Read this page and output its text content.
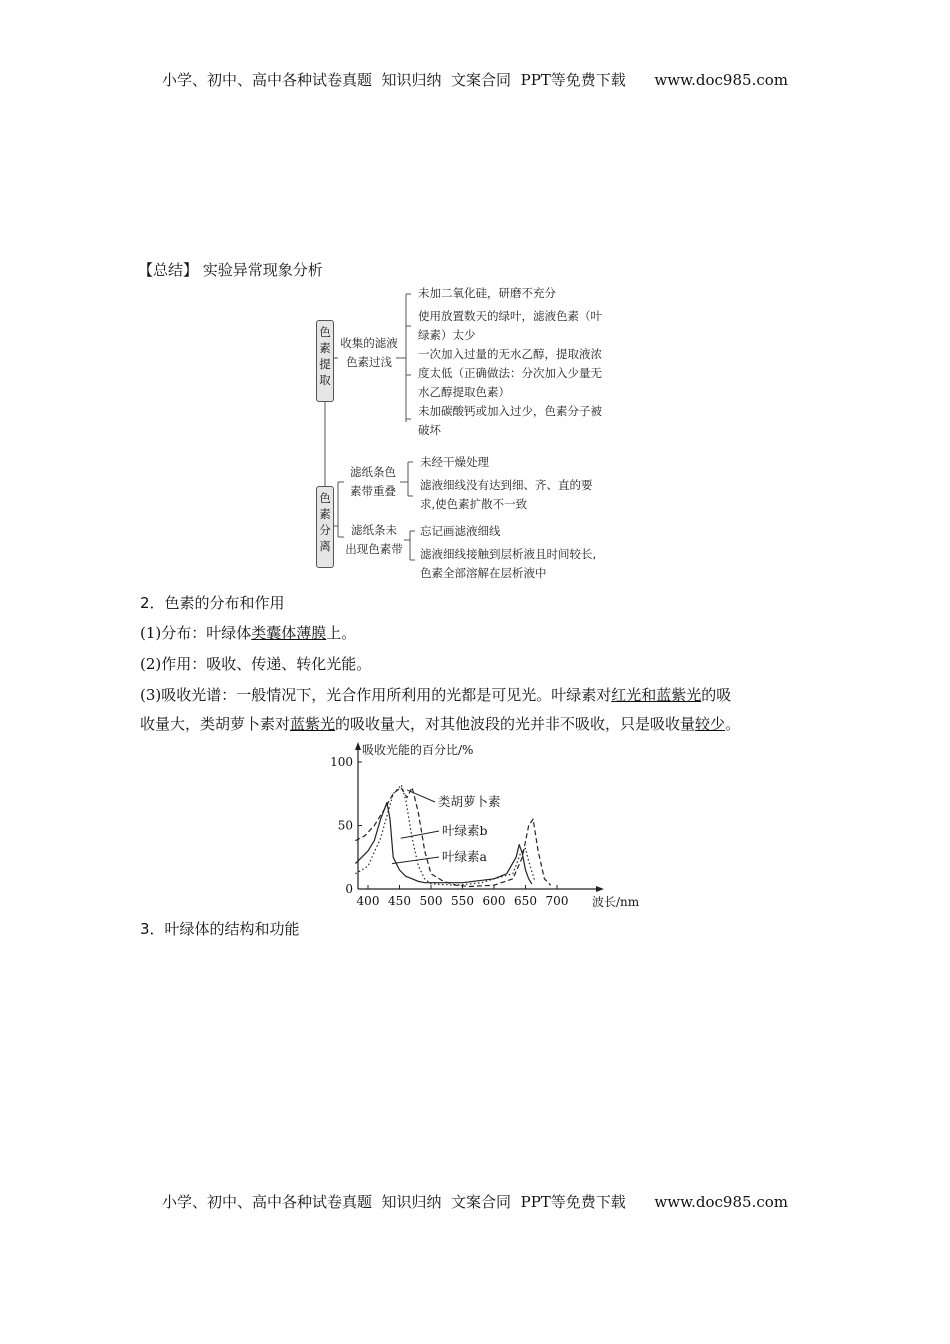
小学、初中、高中各种试卷真题  知识归纳  文案合同  PPT等免费下载      www.doc985.com
小学、初中、高中各种试卷真题  知识归纳  文案合同  PPT等免费下载      www.doc985.com
【总结】 实验异常现象分析
色素提取
收集的滤液
色素过浅
未加二氧化硅，研磨不充分
使用放置数天的绿叶，滤液色素（叶
绿素）太少
一次加入过量的无水乙醇，提取液浓
度太低（正确做法：分次加入少量无
水乙醇提取色素）
未加碳酸钙或加入过少，色素分子被
破坏
色素分离
滤纸条色
素带重叠
未经干燥处理
滤液细线没有达到细、齐、直的要
求,使色素扩散不一致
滤纸条未
出现色素带
忘记画滤液细线
滤液细线接触到层析液且时间较长,
色素全部溶解在层析液中
2．色素的分布和作用
(1)分布：叶绿体类囊体薄膜上。
(2)作用：吸收、传递、转化光能。
(3)吸收光谱：一般情况下，光合作用所利用的光都是可见光。叶绿素对红光和蓝紫光的吸
收量大，类胡萝卜素对蓝紫光的吸收量大，对其他波段的光并非不吸收，只是吸收量较少。
400 450 500 550 600 650 700
0
50
100
吸收光能的百分比/%
波长/nm
类胡萝卜素
叶绿素b
叶绿素a
3．叶绿体的结构和功能
